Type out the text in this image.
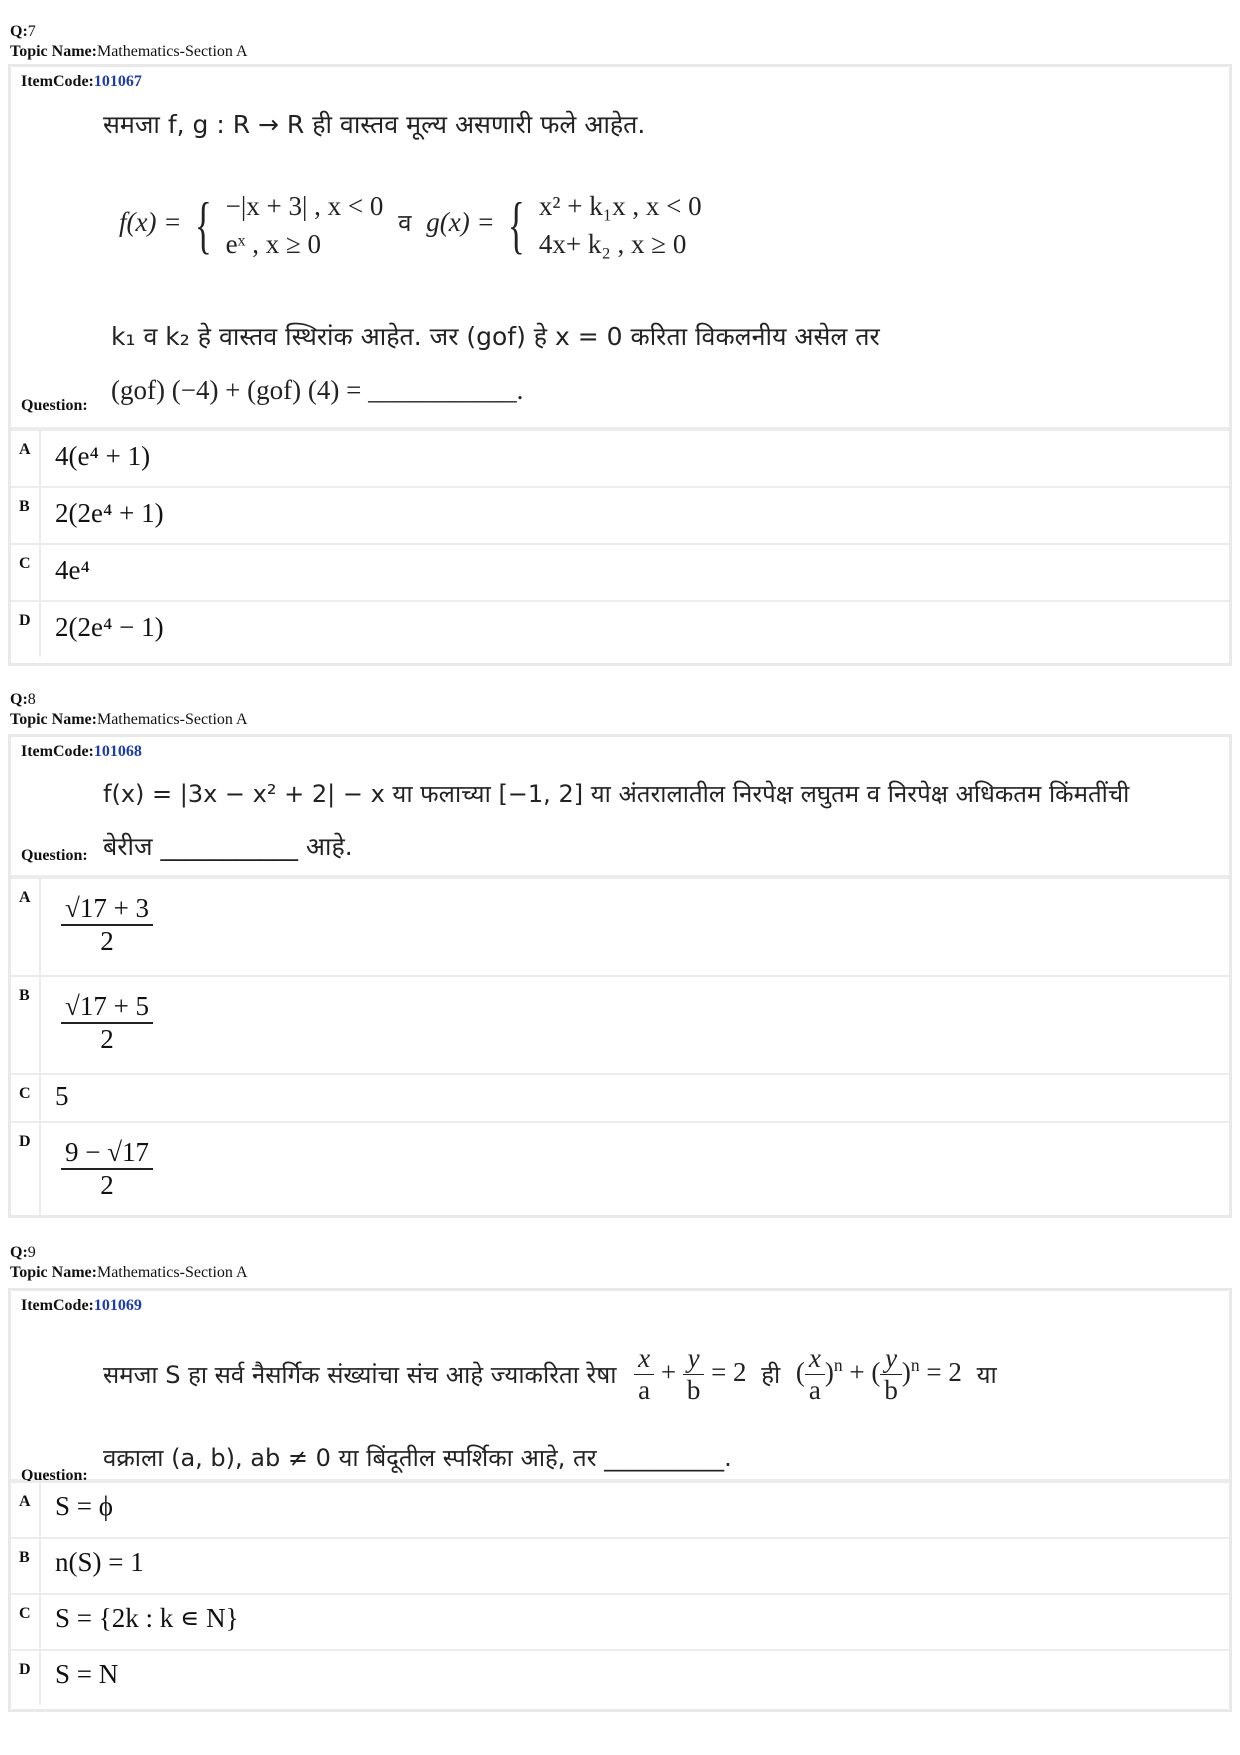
Q:7
Topic Name:Mathematics-Section A
ItemCode:101067
समजा f, g : R → R ही वास्तव मूल्य असणारी फले आहेत.
f(x) = { −|x + 3| , x < 0
eˣ , x ≥ 0
व g(x) = { x² + k₁x , x < 0
4x+ k₂ , x ≥ 0
k₁ व k₂ हे वास्तव स्थिरांक आहेत. जर (gof) हे x = 0 करिता विकलनीय असेल तर
Question:
(gof) (−4) + (gof) (4) = ___________.
A 4(e⁴ + 1)
B 2(2e⁴ + 1)
C 4e⁴
D 2(2e⁴ − 1)
Q:8
Topic Name:Mathematics-Section A
ItemCode:101068
f(x) = |3x − x² + 2| − x या फलाच्या [−1, 2] या अंतरालातील निरपेक्ष लघुतम व निरपेक्ष अधिकतम किंमतींची
Question: बेरीज ___________ आहे.
A	$\frac{√17 + 3}{2}$
B	$\frac{√17 + 5}{2}$
C 5
D	$\frac{9 - √17}{2}$
Q:9
Topic Name:Mathematics-Section A
ItemCode:101069
समजा S हा सर्व नैसर्गिक संख्यांचा संच आहे ज्याकरिता रेषा $\frac{x}{a} + \frac{y}{b} = 2$ ही ( $\frac{x}{a} )^n$ + ( $\frac{y}{b} )^n = 2$ या
Question:
वक्राला (a, b), ab ≠ 0 या बिंदूतील स्पर्शिका आहे, तर __________.
A S = ϕ
B n(S) = 1
C S = {2k : k ∊ N}
D S = N
